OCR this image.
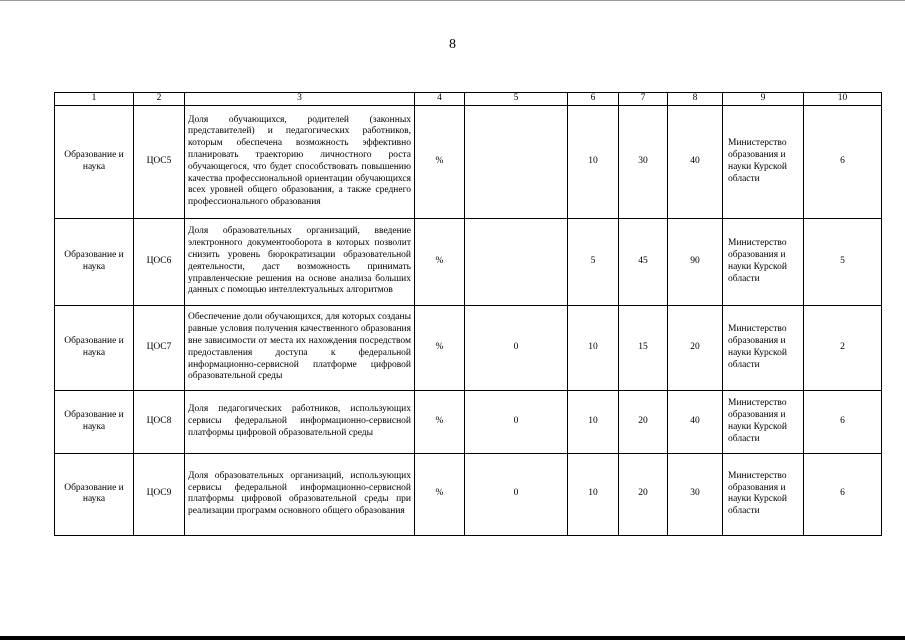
8
1	2	3	4	5	6	7	8	9	10
Образование и наука	ЦОС5	Доля обучающихся, родителей (законных представителей) и педагогических работников, которым обеспечена возможность эффективно планировать траекторию личностного роста обучающегося, что будет способствовать повышению качества профессиональной ориентации обучающихся всех уровней общего образования, а также среднего профессионального образования	%		10	30	40	Министерство образования и науки Курской области	6
Образование и наука	ЦОС6	Доля образовательных организаций, введение электронного документооборота в которых позволит снизить уровень бюрократизации образовательной деятельности, даст возможность принимать управленческие решения на основе анализа больших данных с помощью интеллектуальных алгоритмов	%		5	45	90	Министерство образования и науки Курской области	5
Образование и наука	ЦОС7	Обеспечение доли обучающихся, для которых созданы равные условия получения качественного образования вне зависимости от места их нахождения посредством предоставления доступа к федеральной информационно-сервисной платформе цифровой образовательной среды	%	0	10	15	20	Министерство образования и науки Курской области	2
Образование и наука	ЦОС8	Доля педагогических работников, использующих сервисы федеральной информационно-сервисной платформы цифровой образовательной среды	%	0	10	20	40	Министерство образования и науки Курской области	6
Образование и наука	ЦОС9	Доля образовательных организаций, использующих сервисы федеральной информационно-сервисной платформы цифровой образовательной среды при реализации программ основного общего образования	%	0	10	20	30	Министерство образования и науки Курской области	6
